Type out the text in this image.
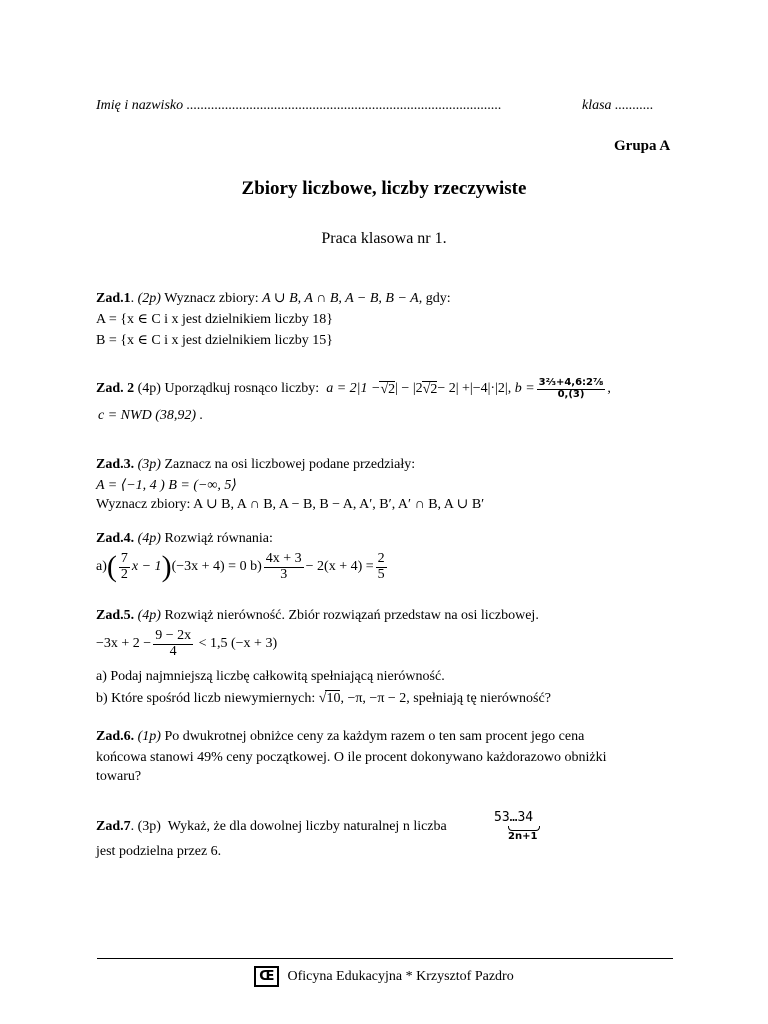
Imię i nazwisko ..........................................................................................	klasa ...........
Grupa A
Zbiory liczbowe, liczby rzeczywiste
Praca klasowa nr 1.
Zad.1. (2p) Wyznacz zbiory: A ∪ B, A ∩ B, A − B, B − A, gdy:
A = {x ∈ C i x jest dzielnikiem liczby 18}
B = {x ∈ C i x jest dzielnikiem liczby 15}
Zad. 2
(4p)
Uporządkuj rosnąco liczby:
a = 2|1 − √2 | − |2 √2 − 2| +|−4|·|2|,
$b = \frac{\text{3⅔+4,6:2⅞}}{0,(3)}$ ,
c = NWD (38,92) .
Zad.3. (3p) Zaznacz na osi liczbowej podane przedziały:
A = ⟨−1, 4 ) B = (−∞, 5⟩
Wyznacz zbiory: A ∪ B, A ∩ B, A − B, B − A, A′, B′, A′ ∩ B, A ∪ B′
Zad.4. (4p) Rozwiąż równania:
a) ( $\frac{7}{2}$ x − 1 ) (−3x + 4) = 0
$b) \frac{4x + 3}{3} - 2(x + 4) = \frac{2}{5}$
Zad.5. (4p) Rozwiąż nierówność. Zbiór rozwiązań przedstaw na osi liczbowej.
$-3x + 2 - \frac{9 - 2x}{4}$
< 1,5 (−x + 3)
a) Podaj najmniejszą liczbę całkowitą spełniającą nierówność.
b) Które spośród liczb niewymiernych: √10, −π, −π − 2, spełniają tę nierówność?
Zad.6. (1p) Po dwukrotnej obniżce ceny za każdym razem o ten sam procent jego cena
końcowa stanowi 49% ceny początkowej. O ile procent dokonywano każdorazowo obniżki
towaru?
Zad.7. (3p) Wykaż, że dla dowolnej liczby naturalnej n liczba
53…34
2n+1
jest podzielna przez 6.
Œ Oficyna Edukacyjna * Krzysztof Pazdro
